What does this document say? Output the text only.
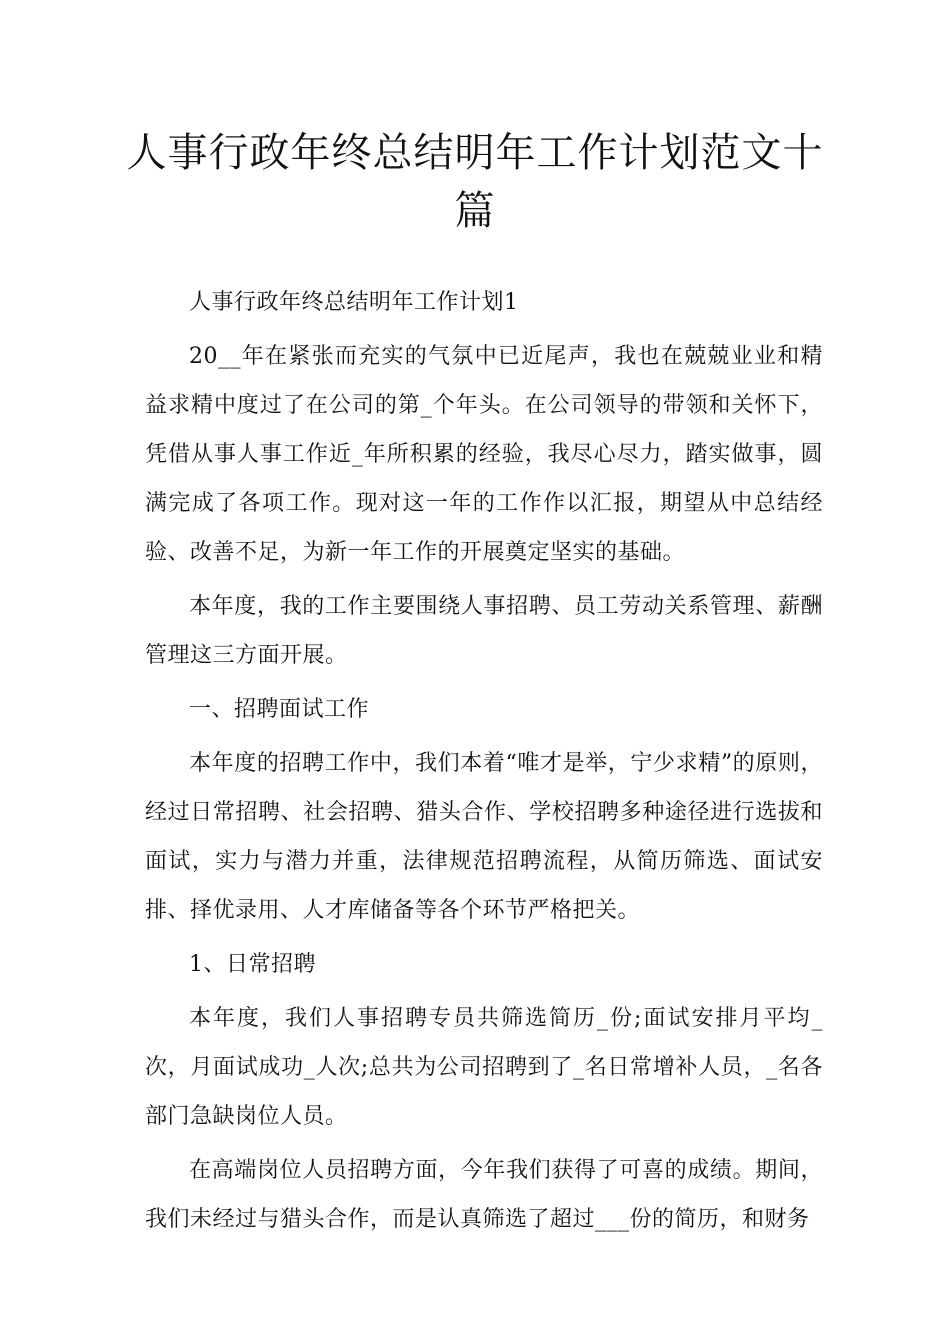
人事行政年终总结明年工作计划范文十篇

人事行政年终总结明年工作计划1

20__年在紧张而充实的气氛中已近尾声，我也在兢兢业业和精益求精中度过了在公司的第_个年头。在公司领导的带领和关怀下，凭借从事人事工作近_年所积累的经验，我尽心尽力，踏实做事，圆满完成了各项工作。现对这一年的工作作以汇报，期望从中总结经验、改善不足，为新一年工作的开展奠定坚实的基础。

本年度，我的工作主要围绕人事招聘、员工劳动关系管理、薪酬管理这三方面开展。

一、招聘面试工作

本年度的招聘工作中，我们本着“唯才是举，宁少求精”的原则，经过日常招聘、社会招聘、猎头合作、学校招聘多种途径进行选拔和面试，实力与潜力并重，法律规范招聘流程，从简历筛选、面试安排、择优录用、人才库储备等各个环节严格把关。

1、日常招聘

本年度，我们人事招聘专员共筛选简历_份;面试安排月平均_次，月面试成功_人次;总共为公司招聘到了_名日常增补人员，_名各部门急缺岗位人员。

在高端岗位人员招聘方面，今年我们获得了可喜的成绩。期间，我们未经过与猎头合作，而是认真筛选了超过___份的简历，和财务
